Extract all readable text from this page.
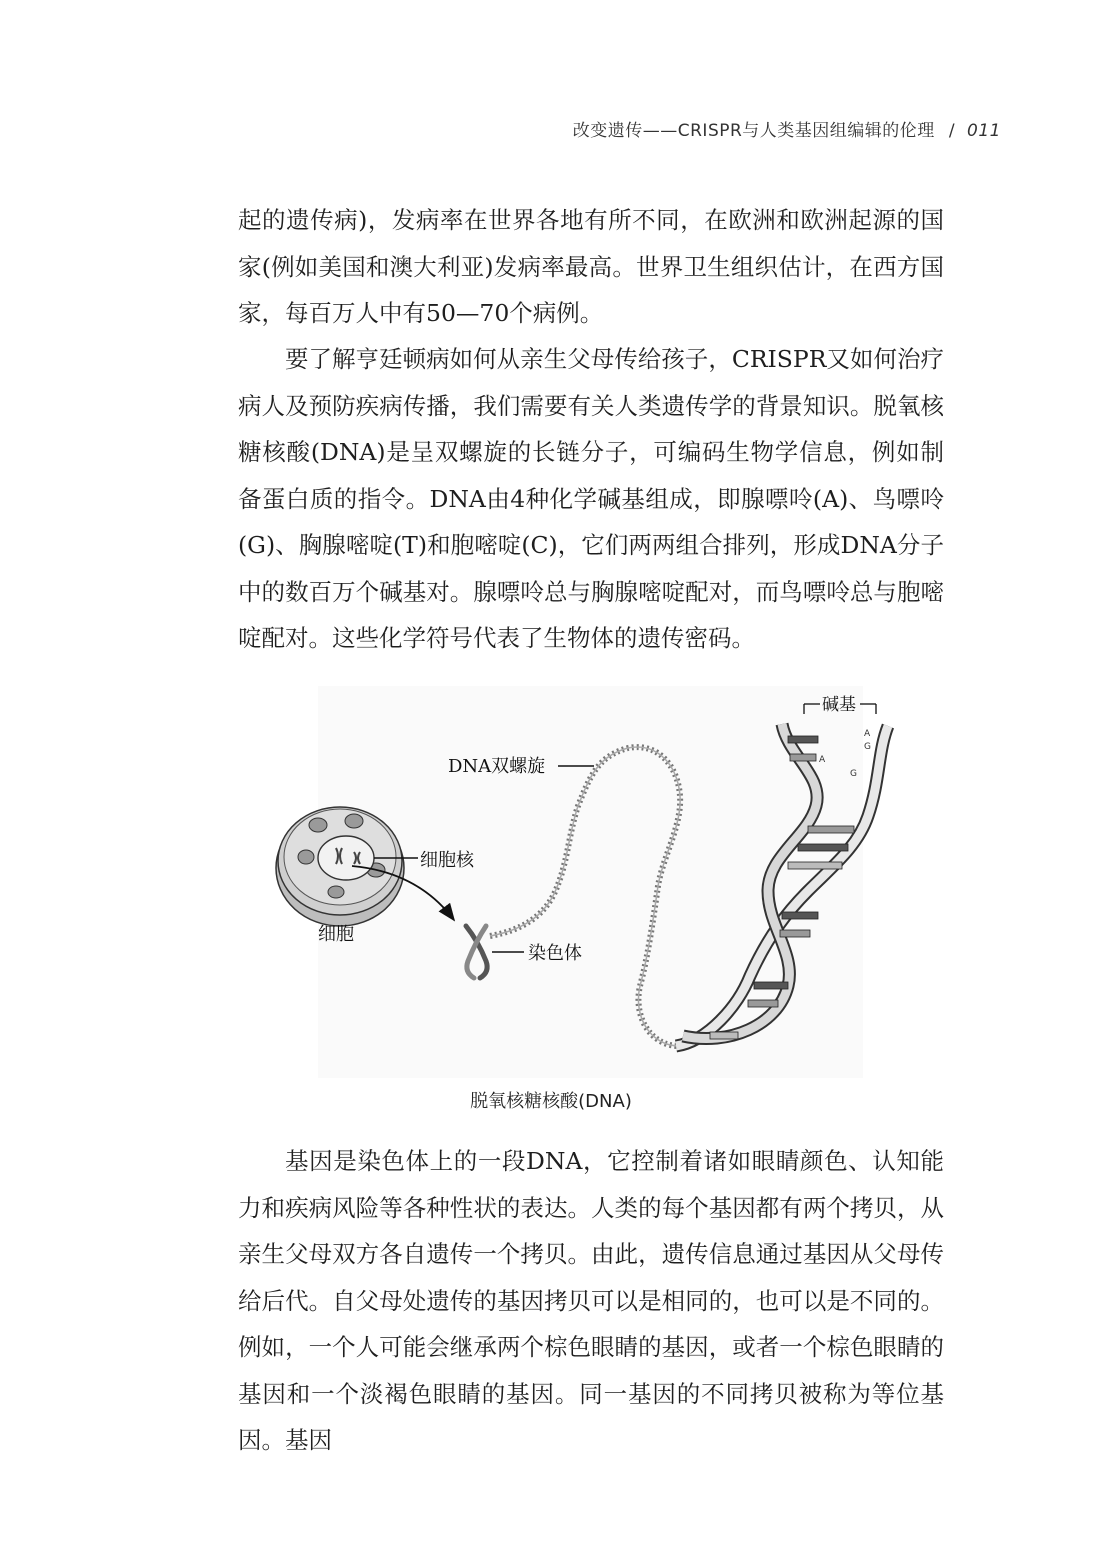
改变遗传——CRISPR与人类基因组编辑的伦理 / 011

起的遗传病)，发病率在世界各地有所不同，在欧洲和欧洲起源的国家(例如美国和澳大利亚)发病率最高。世界卫生组织估计，在西方国家，每百万人中有50—70个病例。

要了解亨廷顿病如何从亲生父母传给孩子，CRISPR又如何治疗病人及预防疾病传播，我们需要有关人类遗传学的背景知识。脱氧核糖核酸(DNA)是呈双螺旋的长链分子，可编码生物学信息，例如制备蛋白质的指令。DNA由4种化学碱基组成，即腺嘌呤(A)、鸟嘌呤(G)、胸腺嘧啶(T)和胞嘧啶(C)，它们两两组合排列，形成DNA分子中的数百万个碱基对。腺嘌呤总与胸腺嘧啶配对，而鸟嘌呤总与胞嘧啶配对。这些化学符号代表了生物体的遗传密码。

DNA双螺旋
碱基
细胞核
细胞
染色体
A
G
A
G
脱氧核糖核酸(DNA)

基因是染色体上的一段DNA，它控制着诸如眼睛颜色、认知能力和疾病风险等各种性状的表达。人类的每个基因都有两个拷贝，从亲生父母双方各自遗传一个拷贝。由此，遗传信息通过基因从父母传给后代。自父母处遗传的基因拷贝可以是相同的，也可以是不同的。例如，一个人可能会继承两个棕色眼睛的基因，或者一个棕色眼睛的基因和一个淡褐色眼睛的基因。同一基因的不同拷贝被称为等位基因。基因
